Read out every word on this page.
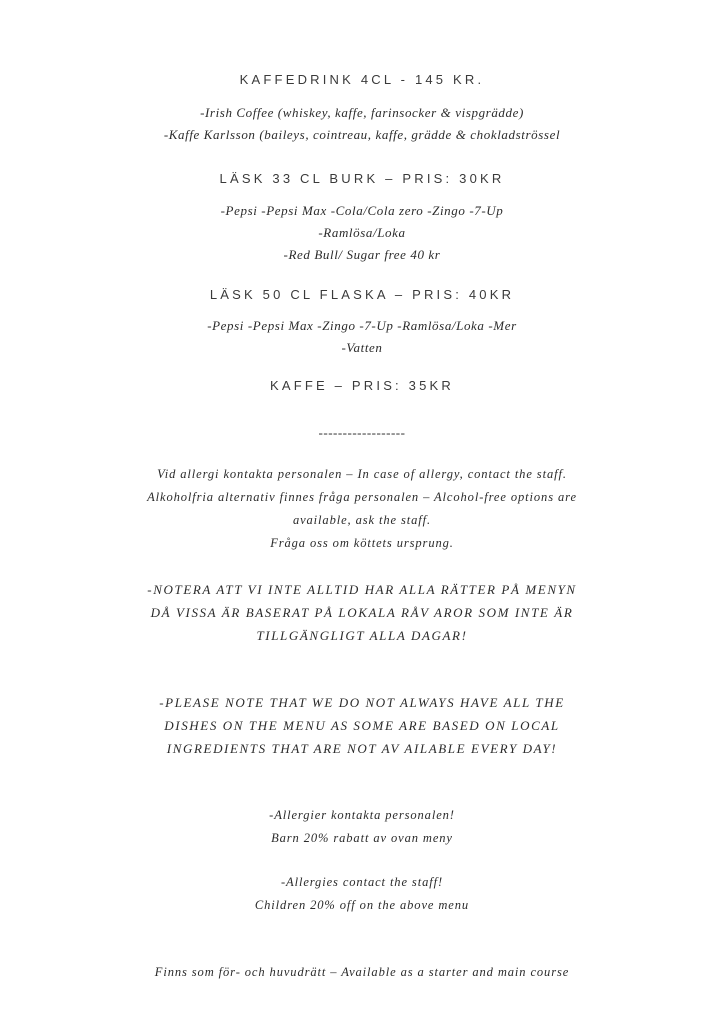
KAFFEDRINK 4CL - 145 KR.
-Irish Coffee (whiskey, kaffe, farinsocker & vispgrädde)
-Kaffe Karlsson (baileys, cointreau, kaffe, grädde & chokladströssel
LÄSK 33 CL BURK – PRIS: 30KR
-Pepsi -Pepsi Max -Cola/Cola zero -Zingo -7-Up
-Ramlösa/Loka
-Red Bull/ Sugar free 40 kr
LÄSK 50 CL FLASKA – PRIS: 40KR
-Pepsi -Pepsi Max -Zingo -7-Up -Ramlösa/Loka -Mer
-Vatten
KAFFE – PRIS: 35KR
------------------
Vid allergi kontakta personalen – In case of allergy, contact the staff.
Alkoholfria alternativ finnes fråga personalen – Alcohol-free options are
available, ask the staff.
Fråga oss om köttets ursprung.
-NOTERA ATT VI INTE ALLTID HAR ALLA RÄTTER PÅ MENYN
DÅ VISSA ÄR BASERAT PÅ LOKALA RÅV AROR SOM INTE ÄR
TILLGÄNGLIGT ALLA DAGAR!
-PLEASE NOTE THAT WE DO NOT ALWAYS HAVE ALL THE
DISHES ON THE MENU AS SOME ARE BASED ON LOCAL
INGREDIENTS THAT ARE NOT AV AILABLE EVERY DAY!
-Allergier kontakta personalen!
Barn 20% rabatt av ovan meny
-Allergies contact the staff!
Children 20% off on the above menu
Finns som för- och huvudrätt – Available as a starter and main course
